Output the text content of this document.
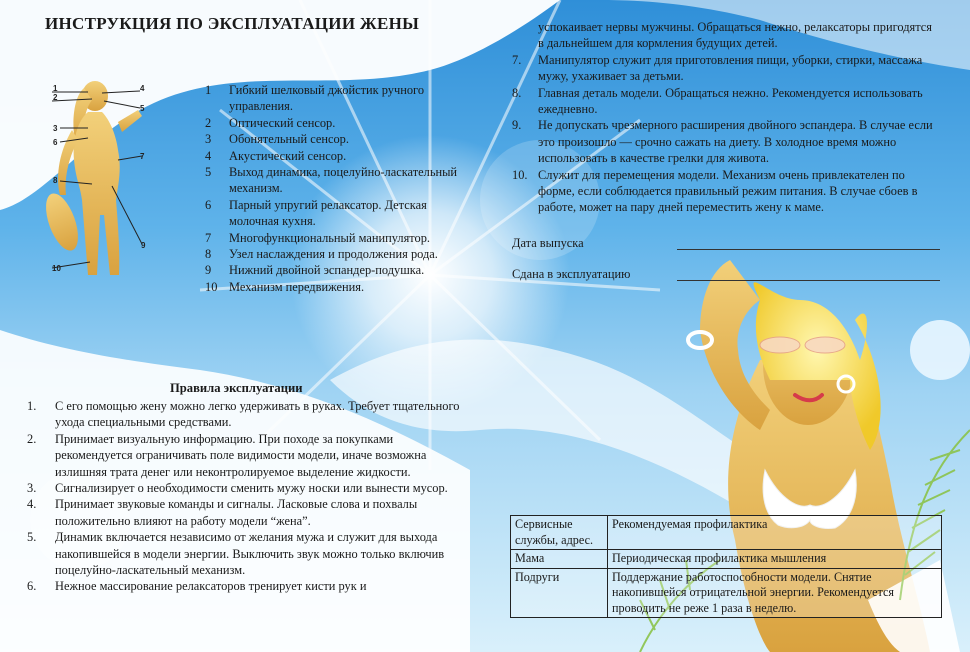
1
2
3
4
5
6
7
8
9
10
ИНСТРУКЦИЯ ПО ЭКСПЛУАТАЦИИ ЖЕНЫ
1 Гибкий шелковый джойстик ручного управления.
2 Оптический сенсор.
3 Обонятельный сенсор.
4 Акустический сенсор.
5 Выход динамика, поцелуйно-ласкательный механизм.
6 Парный упругий релаксатор. Детская молочная кухня.
7 Многофункциональный манипулятор.
8 Узел наслаждения и продолжения рода.
9 Нижний двойной эспандер-подушка.
10 Механизм передвижения.
Правила эксплуатации
1. С его помощью жену можно легко удерживать в руках. Требует тщательного ухода специальными средствами.
2. Принимает визуальную информацию. При походе за покупками рекомендуется ограничивать поле видимости модели, иначе возможна излишняя трата денег или неконтролируемое выделение жидкости.
3. Сигнализирует о необходимости сменить мужу носки или вынести мусор.
4. Принимает звуковые команды и сигналы. Ласковые слова и похвалы положительно влияют на работу модели “жена”.
5. Динамик включается независимо от желания мужа и служит для выхода накопившейся в модели энергии. Выключить звук можно только включив поцелуйно-ласкательный механизм.
6. Нежное массирование релаксаторов тренирует кисти рук и
успокаивает нервы мужчины. Обращаться нежно, релаксаторы пригодятся в дальнейшем для кормления будущих детей.
7. Манипулятор служит для приготовления пищи, уборки, стирки, массажа мужу, ухаживает за детьми.
8. Главная деталь модели. Обращаться нежно. Рекомендуется использовать ежедневно.
9. Не допускать чрезмерного расширения двойного эспандера. В случае если это произошло — срочно сажать на диету. В холодное время можно использовать в качестве грелки для живота.
10. Служит для перемещения модели. Механизм очень привлекателен по форме, если соблюдается правильный режим питания. В случае сбоев в работе, может на пару дней переместить жену к маме.
Дата выпуска
Сдана в эксплуатацию
Сервисные службы, адрес.	Рекомендуемая профилактика
Мама	Периодическая профилактика мышления
Подруги	Поддержание работоспособности модели. Снятие накопившейся отрицательной энергии. Рекомендуется проводить не реже 1 раза в неделю.
